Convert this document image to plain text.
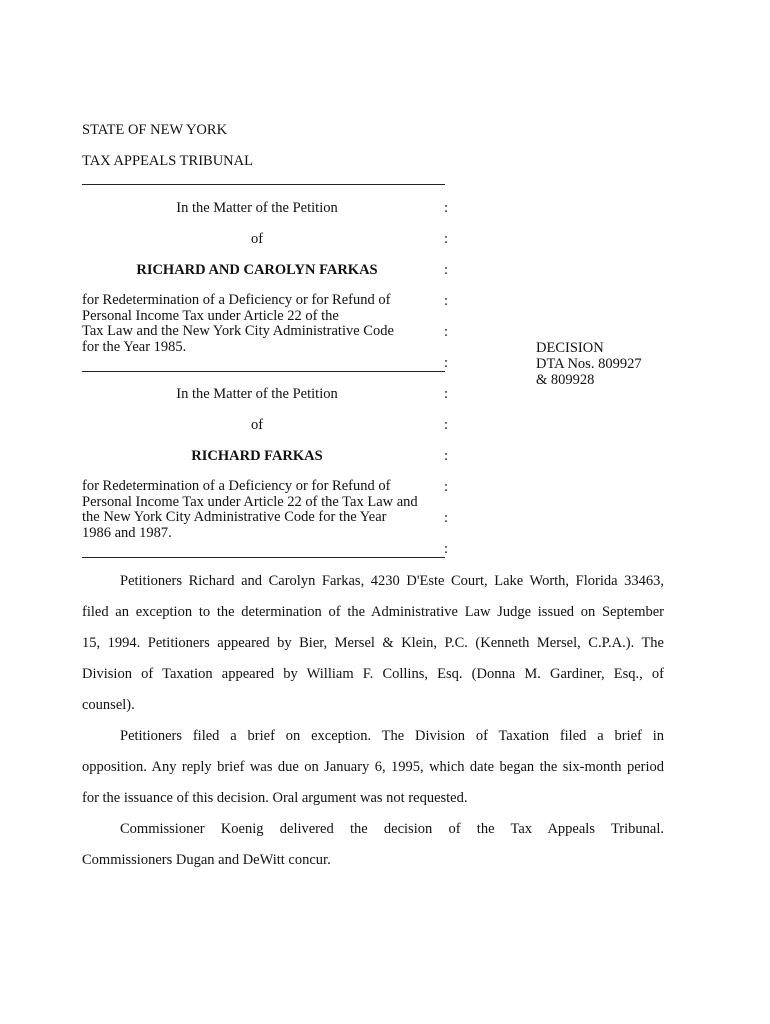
STATE OF NEW YORK
TAX APPEALS TRIBUNAL
In the Matter of the Petition	:
of	:
RICHARD AND CAROLYN FARKAS	:
for Redetermination of a Deficiency or for Refund of
Personal Income Tax under Article 22 of the
Tax Law and the New York City Administrative Code
for the Year 1985.
:
:
:
DECISION
DTA Nos. 809927
& 809928
In the Matter of the Petition	:
of	:
RICHARD FARKAS	:
for Redetermination of a Deficiency or for Refund of
Personal Income Tax under Article 22 of the Tax Law and
the New York City Administrative Code for the Year
1986 and 1987.
:
:
:
Petitioners Richard and Carolyn Farkas, 4230 D'Este Court, Lake Worth, Florida 33463,
filed an exception to the determination of the Administrative Law Judge issued on September
15, 1994. Petitioners appeared by Bier, Mersel & Klein, P.C. (Kenneth Mersel, C.P.A.). The
Division of Taxation appeared by William F. Collins, Esq. (Donna M. Gardiner, Esq., of
counsel).
Petitioners filed a brief on exception. The Division of Taxation filed a brief in
opposition. Any reply brief was due on January 6, 1995, which date began the six-month period
for the issuance of this decision. Oral argument was not requested.
Commissioner Koenig delivered the decision of the Tax Appeals Tribunal.
Commissioners Dugan and DeWitt concur.
